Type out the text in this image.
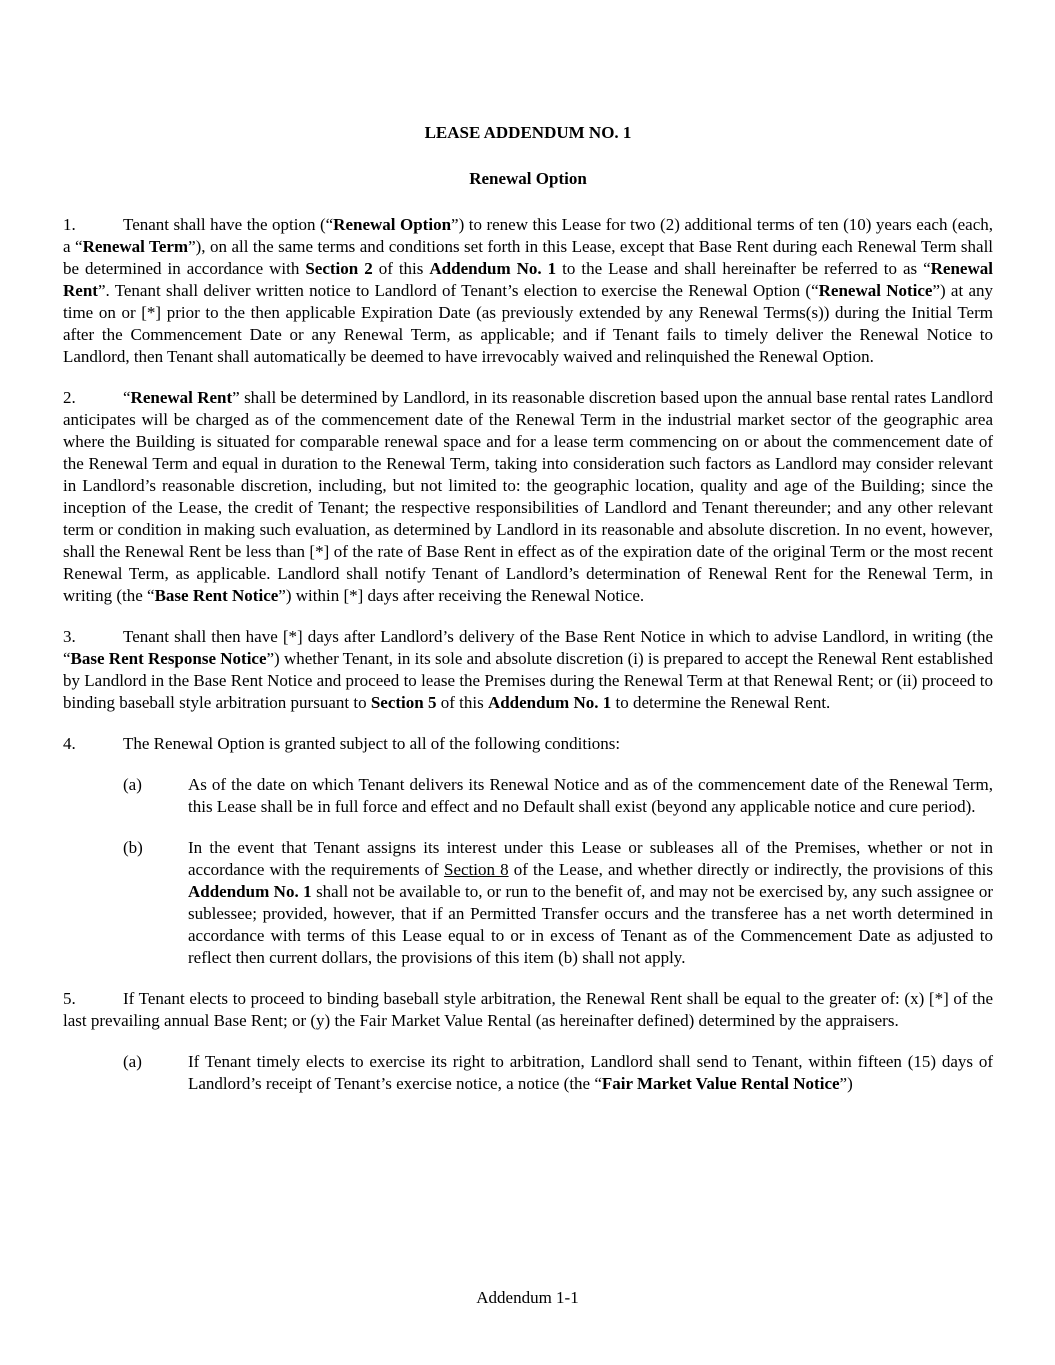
LEASE ADDENDUM NO. 1
Renewal Option
1.	Tenant shall have the option (“Renewal Option”) to renew this Lease for two (2) additional terms of ten (10) years each (each, a “Renewal Term”), on all the same terms and conditions set forth in this Lease, except that Base Rent during each Renewal Term shall be determined in accordance with Section 2 of this Addendum No. 1 to the Lease and shall hereinafter be referred to as “Renewal Rent”. Tenant shall deliver written notice to Landlord of Tenant’s election to exercise the Renewal Option (“Renewal Notice”) at any time on or [*] prior to the then applicable Expiration Date (as previously extended by any Renewal Terms(s)) during the Initial Term after the Commencement Date or any Renewal Term, as applicable; and if Tenant fails to timely deliver the Renewal Notice to Landlord, then Tenant shall automatically be deemed to have irrevocably waived and relinquished the Renewal Option.
2.	“Renewal Rent” shall be determined by Landlord, in its reasonable discretion based upon the annual base rental rates Landlord anticipates will be charged as of the commencement date of the Renewal Term in the industrial market sector of the geographic area where the Building is situated for comparable renewal space and for a lease term commencing on or about the commencement date of the Renewal Term and equal in duration to the Renewal Term, taking into consideration such factors as Landlord may consider relevant in Landlord’s reasonable discretion, including, but not limited to: the geographic location, quality and age of the Building; since the inception of the Lease, the credit of Tenant; the respective responsibilities of Landlord and Tenant thereunder; and any other relevant term or condition in making such evaluation, as determined by Landlord in its reasonable and absolute discretion. In no event, however, shall the Renewal Rent be less than [*] of the rate of Base Rent in effect as of the expiration date of the original Term or the most recent Renewal Term, as applicable. Landlord shall notify Tenant of Landlord’s determination of Renewal Rent for the Renewal Term, in writing (the “Base Rent Notice”) within [*] days after receiving the Renewal Notice.
3.	Tenant shall then have [*] days after Landlord’s delivery of the Base Rent Notice in which to advise Landlord, in writing (the “Base Rent Response Notice”) whether Tenant, in its sole and absolute discretion (i) is prepared to accept the Renewal Rent established by Landlord in the Base Rent Notice and proceed to lease the Premises during the Renewal Term at that Renewal Rent; or (ii) proceed to binding baseball style arbitration pursuant to Section 5 of this Addendum No. 1 to determine the Renewal Rent.
4.	The Renewal Option is granted subject to all of the following conditions:
(a)	As of the date on which Tenant delivers its Renewal Notice and as of the commencement date of the Renewal Term, this Lease shall be in full force and effect and no Default shall exist (beyond any applicable notice and cure period).
(b)	In the event that Tenant assigns its interest under this Lease or subleases all of the Premises, whether or not in accordance with the requirements of Section 8 of the Lease, and whether directly or indirectly, the provisions of this Addendum No. 1 shall not be available to, or run to the benefit of, and may not be exercised by, any such assignee or sublessee; provided, however, that if an Permitted Transfer occurs and the transferee has a net worth determined in accordance with terms of this Lease equal to or in excess of Tenant as of the Commencement Date as adjusted to reflect then current dollars, the provisions of this item (b) shall not apply.
5.	If Tenant elects to proceed to binding baseball style arbitration, the Renewal Rent shall be equal to the greater of: (x) [*] of the last prevailing annual Base Rent; or (y) the Fair Market Value Rental (as hereinafter defined) determined by the appraisers.
(a)	If Tenant timely elects to exercise its right to arbitration, Landlord shall send to Tenant, within fifteen (15) days of Landlord’s receipt of Tenant’s exercise notice, a notice (the “Fair Market Value Rental Notice”)
Addendum 1-1
